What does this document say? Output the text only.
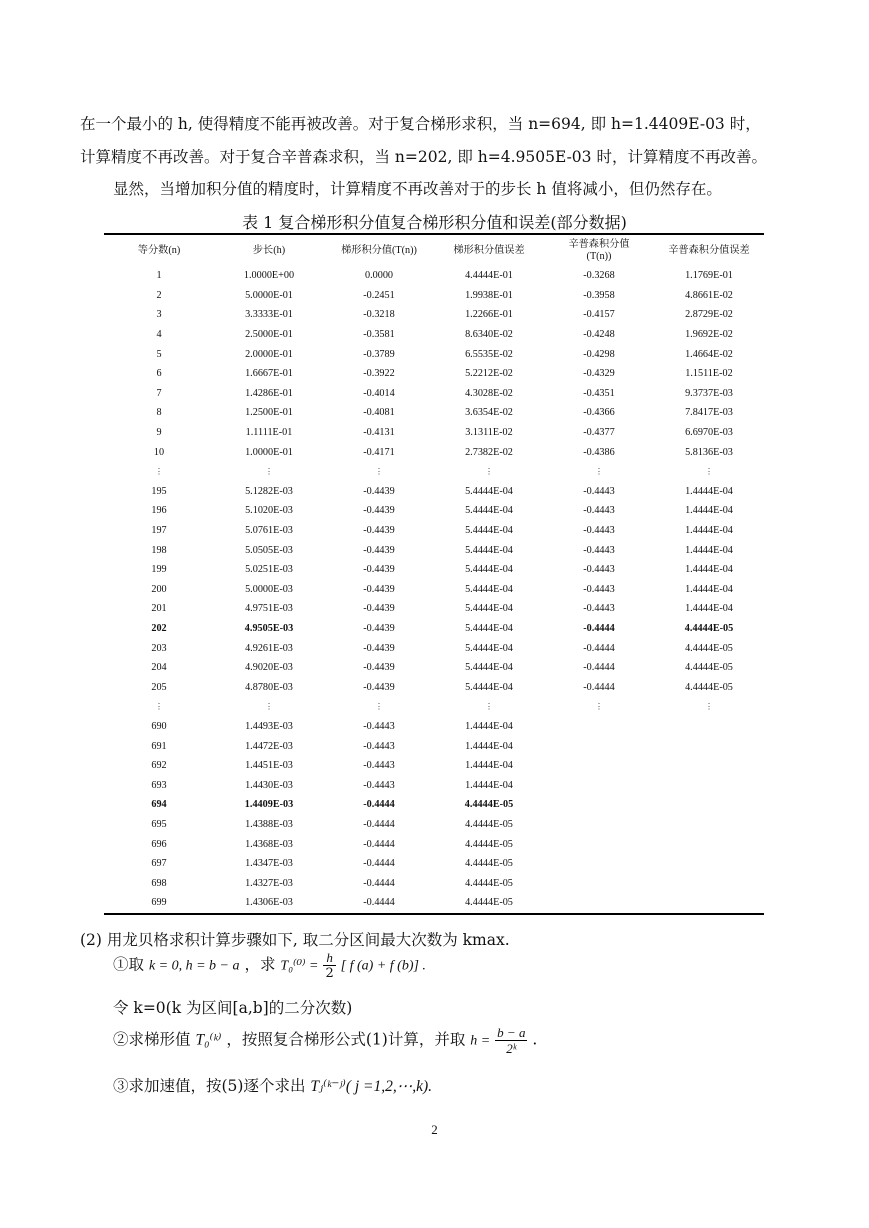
在一个最小的 h, 使得精度不能再被改善。对于复合梯形求积，当 n=694, 即 h=1.4409E-03 时，
计算精度不再改善。对于复合辛普森求积，当 n=202, 即 h=4.9505E-03 时，计算精度不再改善。
显然，当增加积分值的精度时，计算精度不再改善对于的步长 h 值将减小，但仍然存在。
表 1 复合梯形积分值复合梯形积分值和误差(部分数据)
等分数(n)	步长(h)	梯形积分值(T(n))	梯形积分值误差	辛普森积分值 (T(n))	辛普森积分值误差
1	1.0000E+00	0.0000	4.4444E-01	-0.3268	1.1769E-01
2	5.0000E-01	-0.2451	1.9938E-01	-0.3958	4.8661E-02
3	3.3333E-01	-0.3218	1.2266E-01	-0.4157	2.8729E-02
4	2.5000E-01	-0.3581	8.6340E-02	-0.4248	1.9692E-02
5	2.0000E-01	-0.3789	6.5535E-02	-0.4298	1.4664E-02
6	1.6667E-01	-0.3922	5.2212E-02	-0.4329	1.1511E-02
7	1.4286E-01	-0.4014	4.3028E-02	-0.4351	9.3737E-03
8	1.2500E-01	-0.4081	3.6354E-02	-0.4366	7.8417E-03
9	1.1111E-01	-0.4131	3.1311E-02	-0.4377	6.6970E-03
10	1.0000E-01	-0.4171	2.7382E-02	-0.4386	5.8136E-03
⋮	⋮	⋮	⋮	⋮	⋮
195	5.1282E-03	-0.4439	5.4444E-04	-0.4443	1.4444E-04
196	5.1020E-03	-0.4439	5.4444E-04	-0.4443	1.4444E-04
197	5.0761E-03	-0.4439	5.4444E-04	-0.4443	1.4444E-04
198	5.0505E-03	-0.4439	5.4444E-04	-0.4443	1.4444E-04
199	5.0251E-03	-0.4439	5.4444E-04	-0.4443	1.4444E-04
200	5.0000E-03	-0.4439	5.4444E-04	-0.4443	1.4444E-04
201	4.9751E-03	-0.4439	5.4444E-04	-0.4443	1.4444E-04
202	4.9505E-03	-0.4439	5.4444E-04	-0.4444	4.4444E-05
203	4.9261E-03	-0.4439	5.4444E-04	-0.4444	4.4444E-05
204	4.9020E-03	-0.4439	5.4444E-04	-0.4444	4.4444E-05
205	4.8780E-03	-0.4439	5.4444E-04	-0.4444	4.4444E-05
⋮	⋮	⋮	⋮	⋮	⋮
690	1.4493E-03	-0.4443	1.4444E-04		
691	1.4472E-03	-0.4443	1.4444E-04		
692	1.4451E-03	-0.4443	1.4444E-04		
693	1.4430E-03	-0.4443	1.4444E-04		
694	1.4409E-03	-0.4444	4.4444E-05		
695	1.4388E-03	-0.4444	4.4444E-05		
696	1.4368E-03	-0.4444	4.4444E-05		
697	1.4347E-03	-0.4444	4.4444E-05		
698	1.4327E-03	-0.4444	4.4444E-05		
699	1.4306E-03	-0.4444	4.4444E-05		
(2) 用龙贝格求积计算步骤如下, 取二分区间最大次数为 kmax.
①取 k = 0, h = b − a ，求 $T_0^{(0)} = \frac{h}{2}$ [ f (a) + f (b)] .
令 k=0(k 为区间[a,b]的二分次数)
②求梯形值 T₀⁽ᵏ⁾ ，按照复合梯形公式(1)计算，并取 $h = \frac{b - a}{\text{2ᵏ}}$ .
③求加速值，按(5)逐个求出 Tⱼ⁽ᵏ⁻ʲ⁾( j =1,2,⋯,k).
2
